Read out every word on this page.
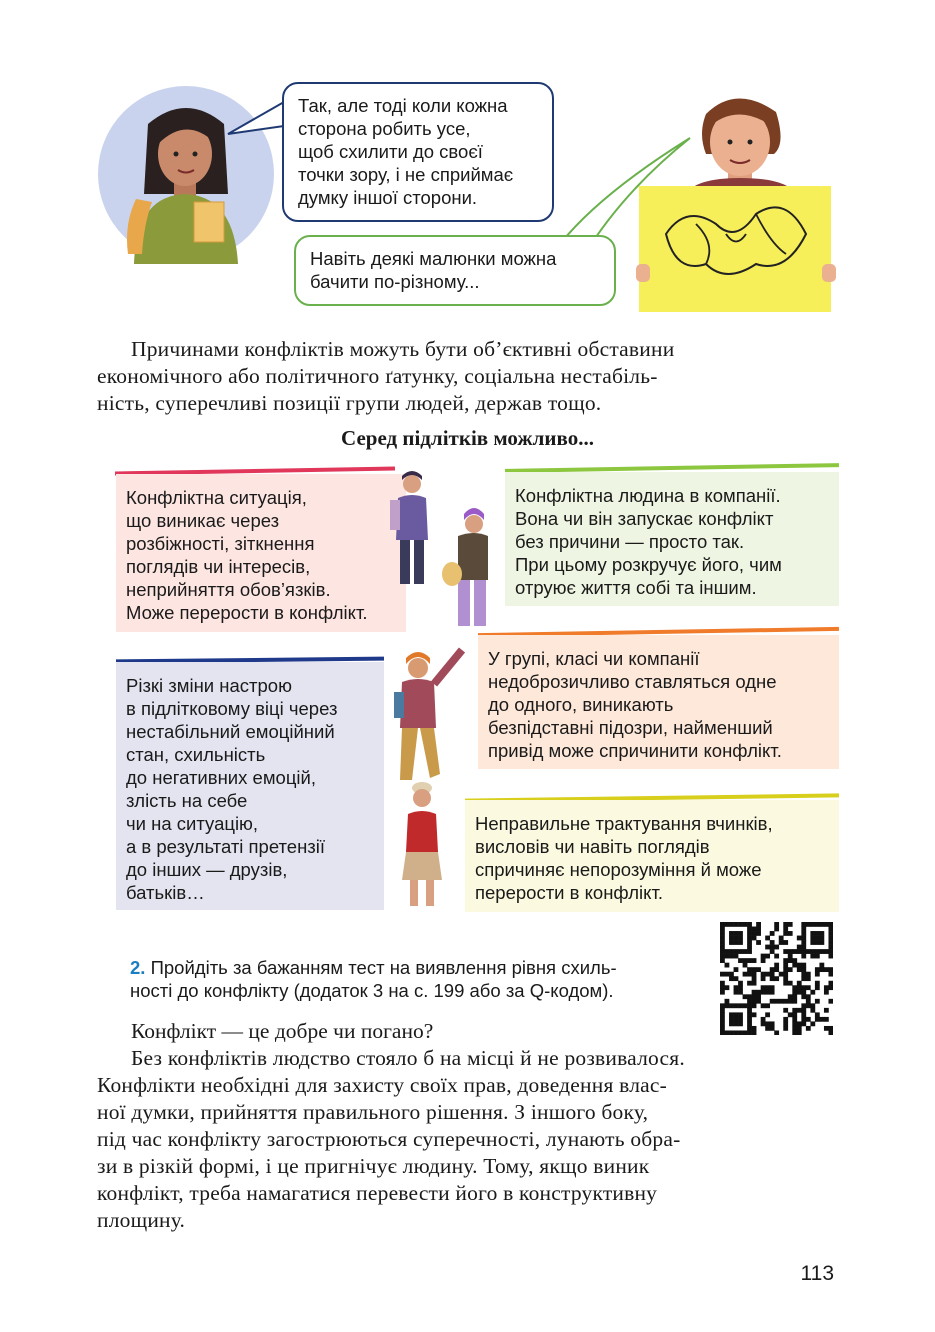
Так, але тоді коли кожна
сторона робить усе,
щоб схилити до своєї
точки зору, і не сприймає
думку іншої сторони.
Навіть деякі малюнки можна
бачити по-різному...
Причинами конфліктів можуть бути об’єктивні обставини
економічного або політичного ґатунку, соціальна нестабіль-
ність, суперечливі позиції групи людей, держав тощо.
Серед підлітків можливо...
Конфліктна ситуація,
що виникає через
розбіжності, зіткнення
поглядів чи інтересів,
неприйняття обов’язків.
Може перерости в конфлікт.
Конфліктна людина в компанії.
Вона чи він запускає конфлікт
без причини — просто так.
При цьому розкручує його, чим
отруює життя собі та іншим.
У групі, класі чи компанії
недоброзичливо ставляться одне
до одного, виникають
безпідставні підозри, найменший
привід може спричинити конфлікт.
Різкі зміни настрою
в підлітковому віці через
нестабільний емоційний
стан, схильність
до негативних емоцій,
злість на себе
чи на ситуацію,
а в результаті претензії
до інших — друзів,
батьків…
Неправильне трактування вчинків,
висловів чи навіть поглядів
спричиняє непорозуміння й може
перерости в конфлікт.
2. Пройдіть за бажанням тест на виявлення рівня схиль-
ності до конфлікту (додаток 3 на с. 199 або за Q-кодом).
Конфлікт — це добре чи погано?
Без конфліктів людство стояло б на місці й не розвивалося.
Конфлікти необхідні для захисту своїх прав, доведення влас-
ної думки, прийняття правильного рішення. З іншого боку,
під час конфлікту загострюються суперечності, лунають обра-
зи в різкій формі, і це пригнічує людину. Тому, якщо виник
конфлікт, треба намагатися перевести його в конструктивну
площину.
113
